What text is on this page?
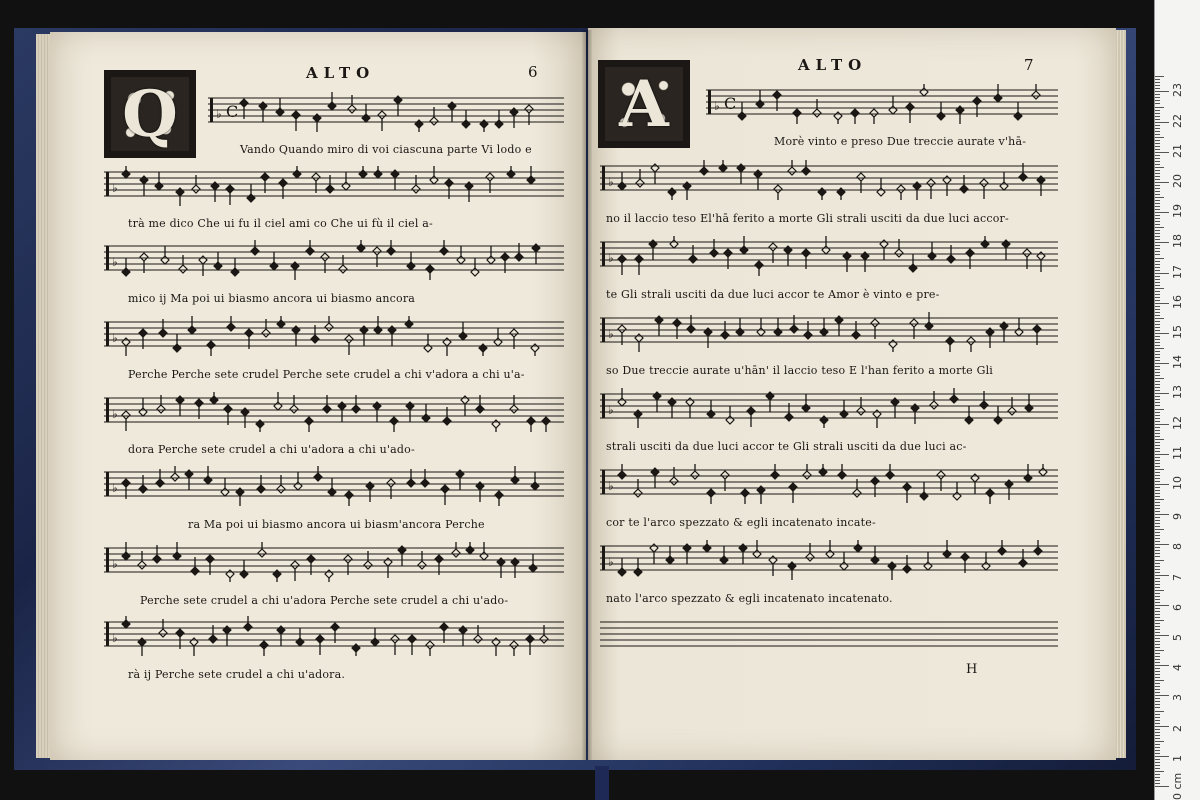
ALTO	6
Q
ALTO	7
A
♭ C
♭
♭
♭
♭
♭
♭
♭
♭ C
♭
♭
♭
♭
♭
♭
Vando Quando miro di voi ciascuna parte Vi lodo e
trà me dico Che ui fu il ciel ami co Che ui fù il ciel a-
mico ij Ma poi ui biasmo ancora ui biasmo ancora
Perche Perche sete crudel Perche sete crudel a chi v'adora a chi u'a-
dora Perche sete crudel a chi u'adora a chi u'ado-
ra Ma poi ui biasmo ancora ui biasm'ancora Perche
Perche sete crudel a chi u'adora Perche sete crudel a chi u'ado-
rà ij Perche sete crudel a chi u'adora.
Morè vinto e preso Due treccie aurate v'hā-
no il laccio teso El'hā ferito a morte Gli strali usciti da due luci accor-
te Gli strali usciti da due luci accor te Amor è vinto e pre-
so Due treccie aurate u'hān' il laccio teso E l'han ferito a morte Gli
strali usciti da due luci accor te Gli strali usciti da due luci ac-
cor te l'arco spezzato & egli incatenato incate-
nato l'arco spezzato & egli incatenato incatenato.
H
0 cm
1
2
3
4
5
6
7
8
9
10
11
12
13
14
15
16
17
18
19
20
21
22
23
